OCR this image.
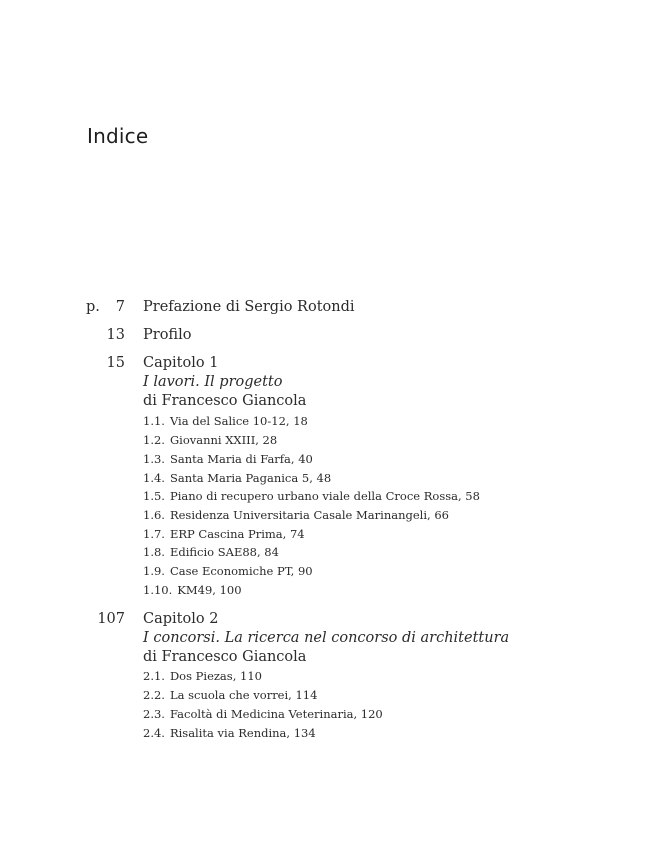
Indice
p. 7 Prefazione di Sergio Rotondi
13 Profilo
15 Capitolo 1
I lavori. Il progetto
di Francesco Giancola
1.1. Via del Salice 10-12, 18
1.2. Giovanni XXIII, 28
1.3. Santa Maria di Farfa, 40
1.4. Santa Maria Paganica 5, 48
1.5. Piano di recupero urbano viale della Croce Rossa, 58
1.6. Residenza Universitaria Casale Marinangeli, 66
1.7. ERP Cascina Prima, 74
1.8. Edificio SAE88, 84
1.9. Case Economiche PT, 90
1.10. KM49, 100
107 Capitolo 2
I concorsi. La ricerca nel concorso di architettura
di Francesco Giancola
2.1. Dos Piezas, 110
2.2. La scuola che vorrei, 114
2.3. Facoltà di Medicina Veterinaria, 120
2.4. Risalita via Rendina, 134
